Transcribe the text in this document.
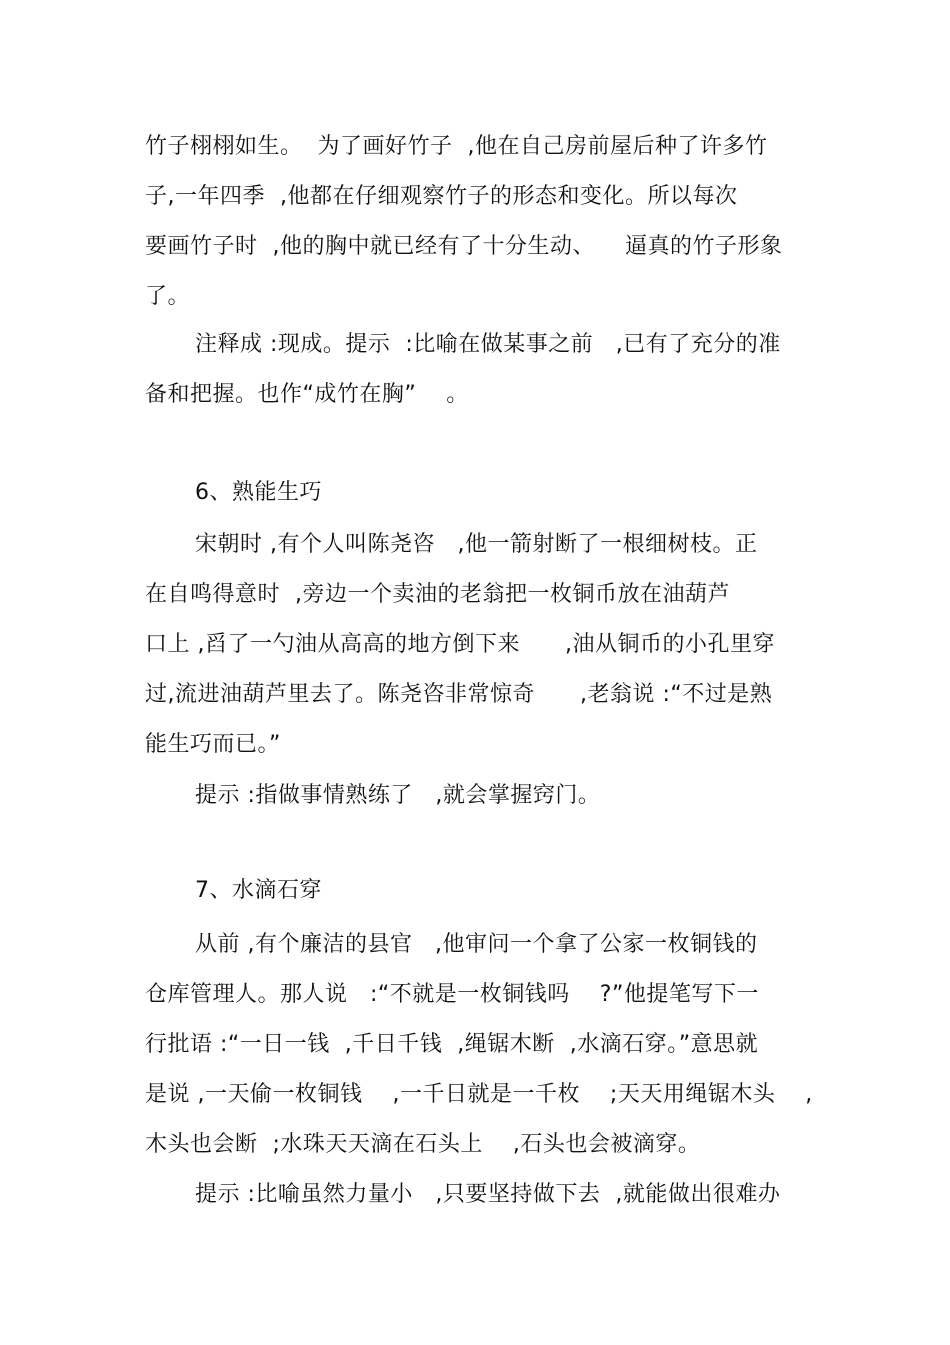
竹子栩栩如生。  为了画好竹子  ,他在自己房前屋后种了许多竹
子,一年四季  ,他都在仔细观察竹子的形态和变化。所以每次
要画竹子时  ,他的胸中就已经有了十分生动、    逼真的竹子形象
了。
注释成 :现成。提示  :比喻在做某事之前   ,已有了充分的准
备和把握。也作“成竹在胸”    。
6、熟能生巧
宋朝时 ,有个人叫陈尧咨   ,他一箭射断了一根细树枝。正
在自鸣得意时  ,旁边一个卖油的老翁把一枚铜币放在油葫芦
口上 ,舀了一勺油从高高的地方倒下来      ,油从铜币的小孔里穿
过,流进油葫芦里去了。陈尧咨非常惊奇      ,老翁说 :“不过是熟
能生巧而已。”
提示 :指做事情熟练了   ,就会掌握窍门。
7、水滴石穿
从前 ,有个廉洁的县官   ,他审问一个拿了公家一枚铜钱的
仓库管理人。那人说   :“不就是一枚铜钱吗    ?”他提笔写下一
行批语 :“一日一钱  ,千日千钱  ,绳锯木断  ,水滴石穿。”意思就
是说 ,一天偷一枚铜钱    ,一千日就是一千枚    ;天天用绳锯木头    ,
木头也会断  ;水珠天天滴在石头上    ,石头也会被滴穿。
提示 :比喻虽然力量小   ,只要坚持做下去  ,就能做出很难办
